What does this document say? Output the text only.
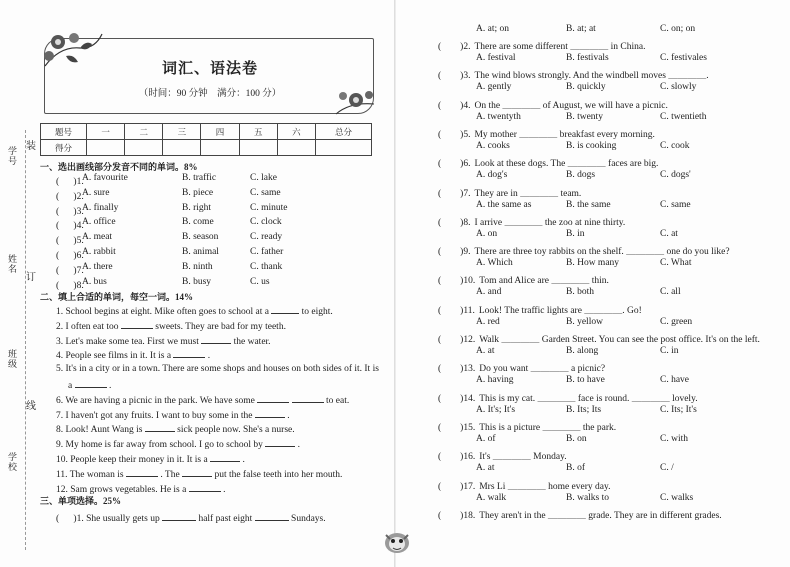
学号
姓名
班级
学校
装
订
线
词汇、语法卷
（时间：90 分钟　满分：100 分）
题号	一	二	三	四	五	六	总分
得分							
一、选出画线部分发音不同的单词。8%
( 　 )1.
A. favourite	B. traffic	C. lake
( 　 )2.
A. sure	B. piece	C. same
( 　 )3.
A. finally	B. right	C. minute
( 　 )4.
A. office	B. come	C. clock
( 　 )5.
A. meat	B. season	C. ready
( 　 )6.
A. rabbit	B. animal	C. father
( 　 )7.
A. there	B. ninth	C. thank
( 　 )8.
A. bus	B. busy	C. us
二、填上合适的单词，每空一词。14%
1. School begins at eight. Mike often goes to school at a	to eight.
2. I often eat too	sweets. They are bad for my teeth.
3. Let's make some tea. First we must	the water.
4. People see films in it. It is a	.
5. It's in a city or in a town. There are some shops and houses on both sides of it. It is
a	.
6. We are having a picnic in the park. We have some	to eat.
7. I haven't got any fruits. I want to buy some in the	.
8. Look! Aunt Wang is	sick people now. She's a nurse.
9. My home is far away from school. I go to school by	.
10. People keep their money in it. It is a	.
11. The woman is	. The	put the false teeth into her mouth.
12. Sam grows vegetables. He is a	.
三、单项选择。25%
( 　 )1. She usually gets up	half past eight	Sundays.
A. at; on	B. at; at	C. on; on
(　　)2. There are some different ＿＿＿＿ in China.
A. festival	B. festivals	C. festivales
(　　)3. The wind blows strongly. And the windbell moves ＿＿＿＿.
A. gently	B. quickly	C. slowly
(　　)4. On the ＿＿＿＿ of August, we will have a picnic.
A. twentyth	B. twenty	C. twentieth
(　　)5. My mother ＿＿＿＿ breakfast every morning.
A. cooks	B. is cooking	C. cook
(　　)6. Look at these dogs. The ＿＿＿＿ faces are big.
A. dog's	B. dogs	C. dogs'
(　　)7. They are in ＿＿＿＿ team.
A. the same as	B. the same	C. same
(　　)8. I arrive ＿＿＿＿ the zoo at nine thirty.
A. on	B. in	C. at
(　　)9. There are three toy rabbits on the shelf. ＿＿＿＿ one do you like?
A. Which	B. How many	C. What
(　　)10. Tom and Alice are ＿＿＿＿ thin.
A. and	B. both	C. all
(　　)11. Look! The traffic lights are ＿＿＿＿. Go!
A. red	B. yellow	C. green
(　　)12. Walk ＿＿＿＿ Garden Street. You can see the post office. It's on the left.
A. at	B. along	C. in
(　　)13. Do you want ＿＿＿＿ a picnic?
A. having	B. to have	C. have
(　　)14. This is my cat. ＿＿＿＿ face is round. ＿＿＿＿ lovely.
A. It's; It's	B. Its; Its	C. Its; It's
(　　)15. This is a picture ＿＿＿＿ the park.
A. of	B. on	C. with
(　　)16. It's ＿＿＿＿ Monday.
A. at	B. of	C. /
(　　)17. Mrs Li ＿＿＿＿ home every day.
A. walk	B. walks to	C. walks
(　　)18. They aren't in the ＿＿＿＿ grade. They are in different grades.
